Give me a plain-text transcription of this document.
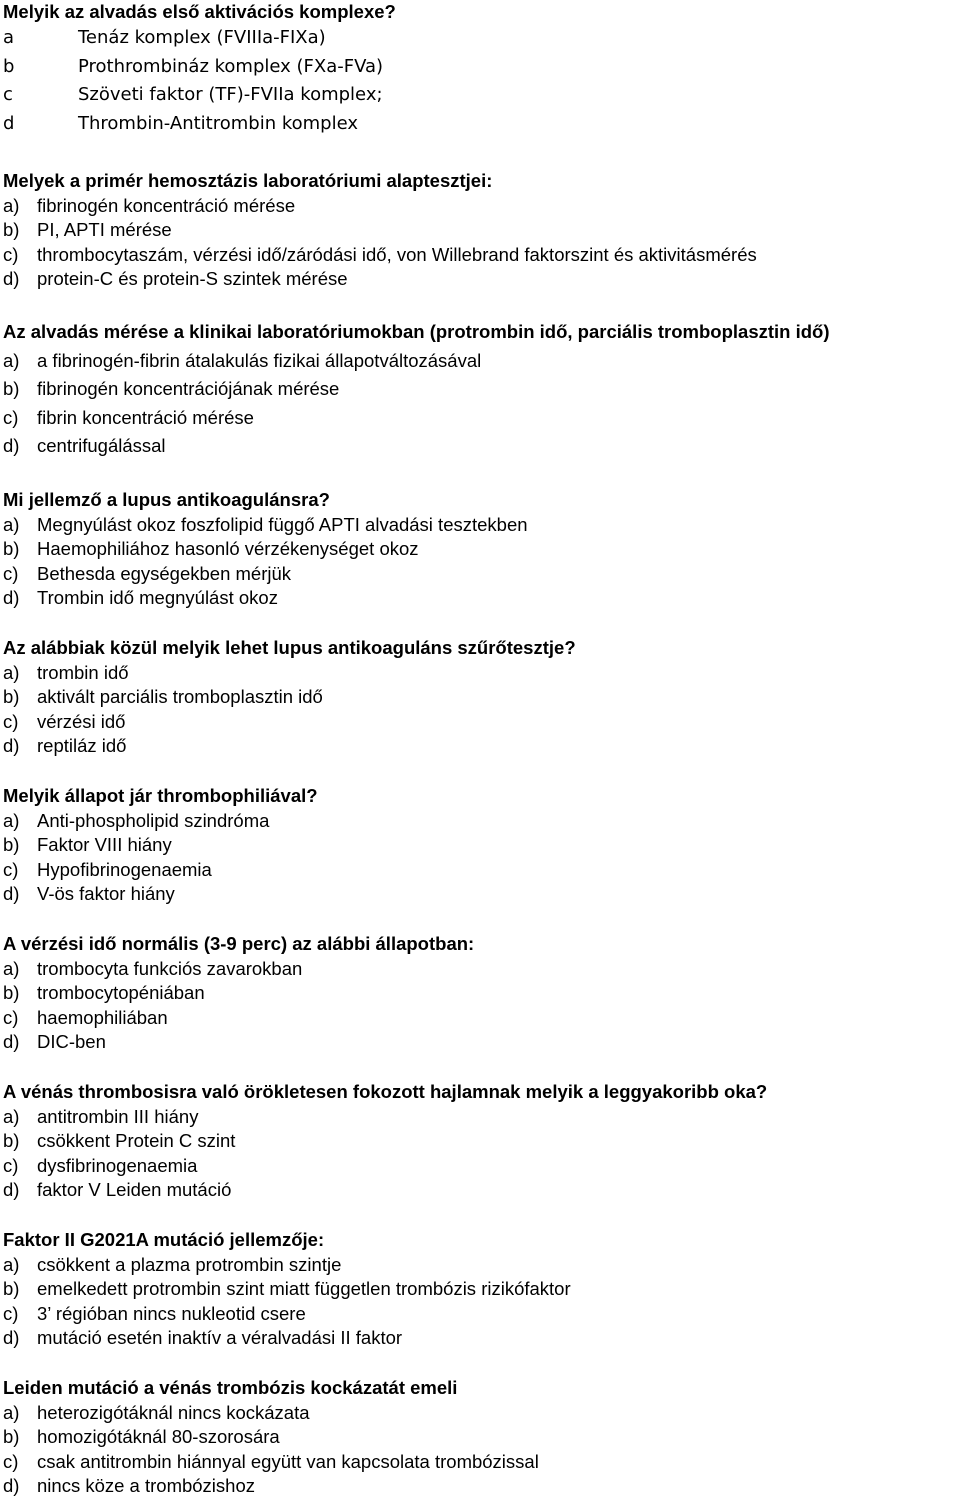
Melyik az alvadás első aktivációs komplexe?
a	Tenáz komplex (FVIIIa-FIXa)
b	Prothrombináz komplex (FXa-FVa)
c	Szöveti faktor (TF)-FVIIa komplex;
d	Thrombin-Antitrombin komplex
Melyek a primér hemosztázis laboratóriumi alaptesztjei:
a) fibrinogén koncentráció mérése
b) PI, APTI mérése
c) thrombocytaszám, vérzési idő/záródási idő, von Willebrand faktorszint és aktivitásmérés
d) protein-C és protein-S szintek mérése
Az alvadás mérése a klinikai laboratóriumokban (protrombin idő, parciális tromboplasztin idő)
a) a fibrinogén-fibrin átalakulás fizikai állapotváltozásával
b) fibrinogén koncentrációjának mérése
c) fibrin koncentráció mérése
d) centrifugálással
Mi jellemző a lupus antikoagulánsra?
a) Megnyúlást okoz foszfolipid függő APTI alvadási tesztekben
b) Haemophiliához hasonló vérzékenységet okoz
c) Bethesda egységekben mérjük
d) Trombin idő megnyúlást okoz
Az alábbiak közül melyik lehet lupus antikoaguláns szűrőtesztje?
a) trombin idő
b) aktivált parciális tromboplasztin idő
c) vérzési idő
d) reptiláz idő
Melyik állapot jár thrombophiliával?
a) Anti-phospholipid szindróma
b) Faktor VIII hiány
c) Hypofibrinogenaemia
d) V-ös faktor hiány
A vérzési idő normális (3-9 perc) az alábbi állapotban:
a) trombocyta funkciós zavarokban
b) trombocytopéniában
c) haemophiliában
d) DIC-ben
A vénás thrombosisra való örökletesen fokozott hajlamnak melyik a leggyakoribb oka?
a) antitrombin III hiány
b) csökkent Protein C szint
c) dysfibrinogenaemia
d) faktor V Leiden mutáció
Faktor II G2021A mutáció jellemzője:
a) csökkent a plazma protrombin szintje
b) emelkedett protrombin szint miatt független trombózis rizikófaktor
c) 3’ régióban nincs nukleotid csere
d) mutáció esetén inaktív a véralvadási II faktor
Leiden mutáció a vénás trombózis kockázatát emeli
a) heterozigótáknál nincs kockázata
b) homozigótáknál 80-szorosára
c) csak antitrombin hiánnyal együtt van kapcsolata trombózissal
d) nincs köze a trombózishoz
